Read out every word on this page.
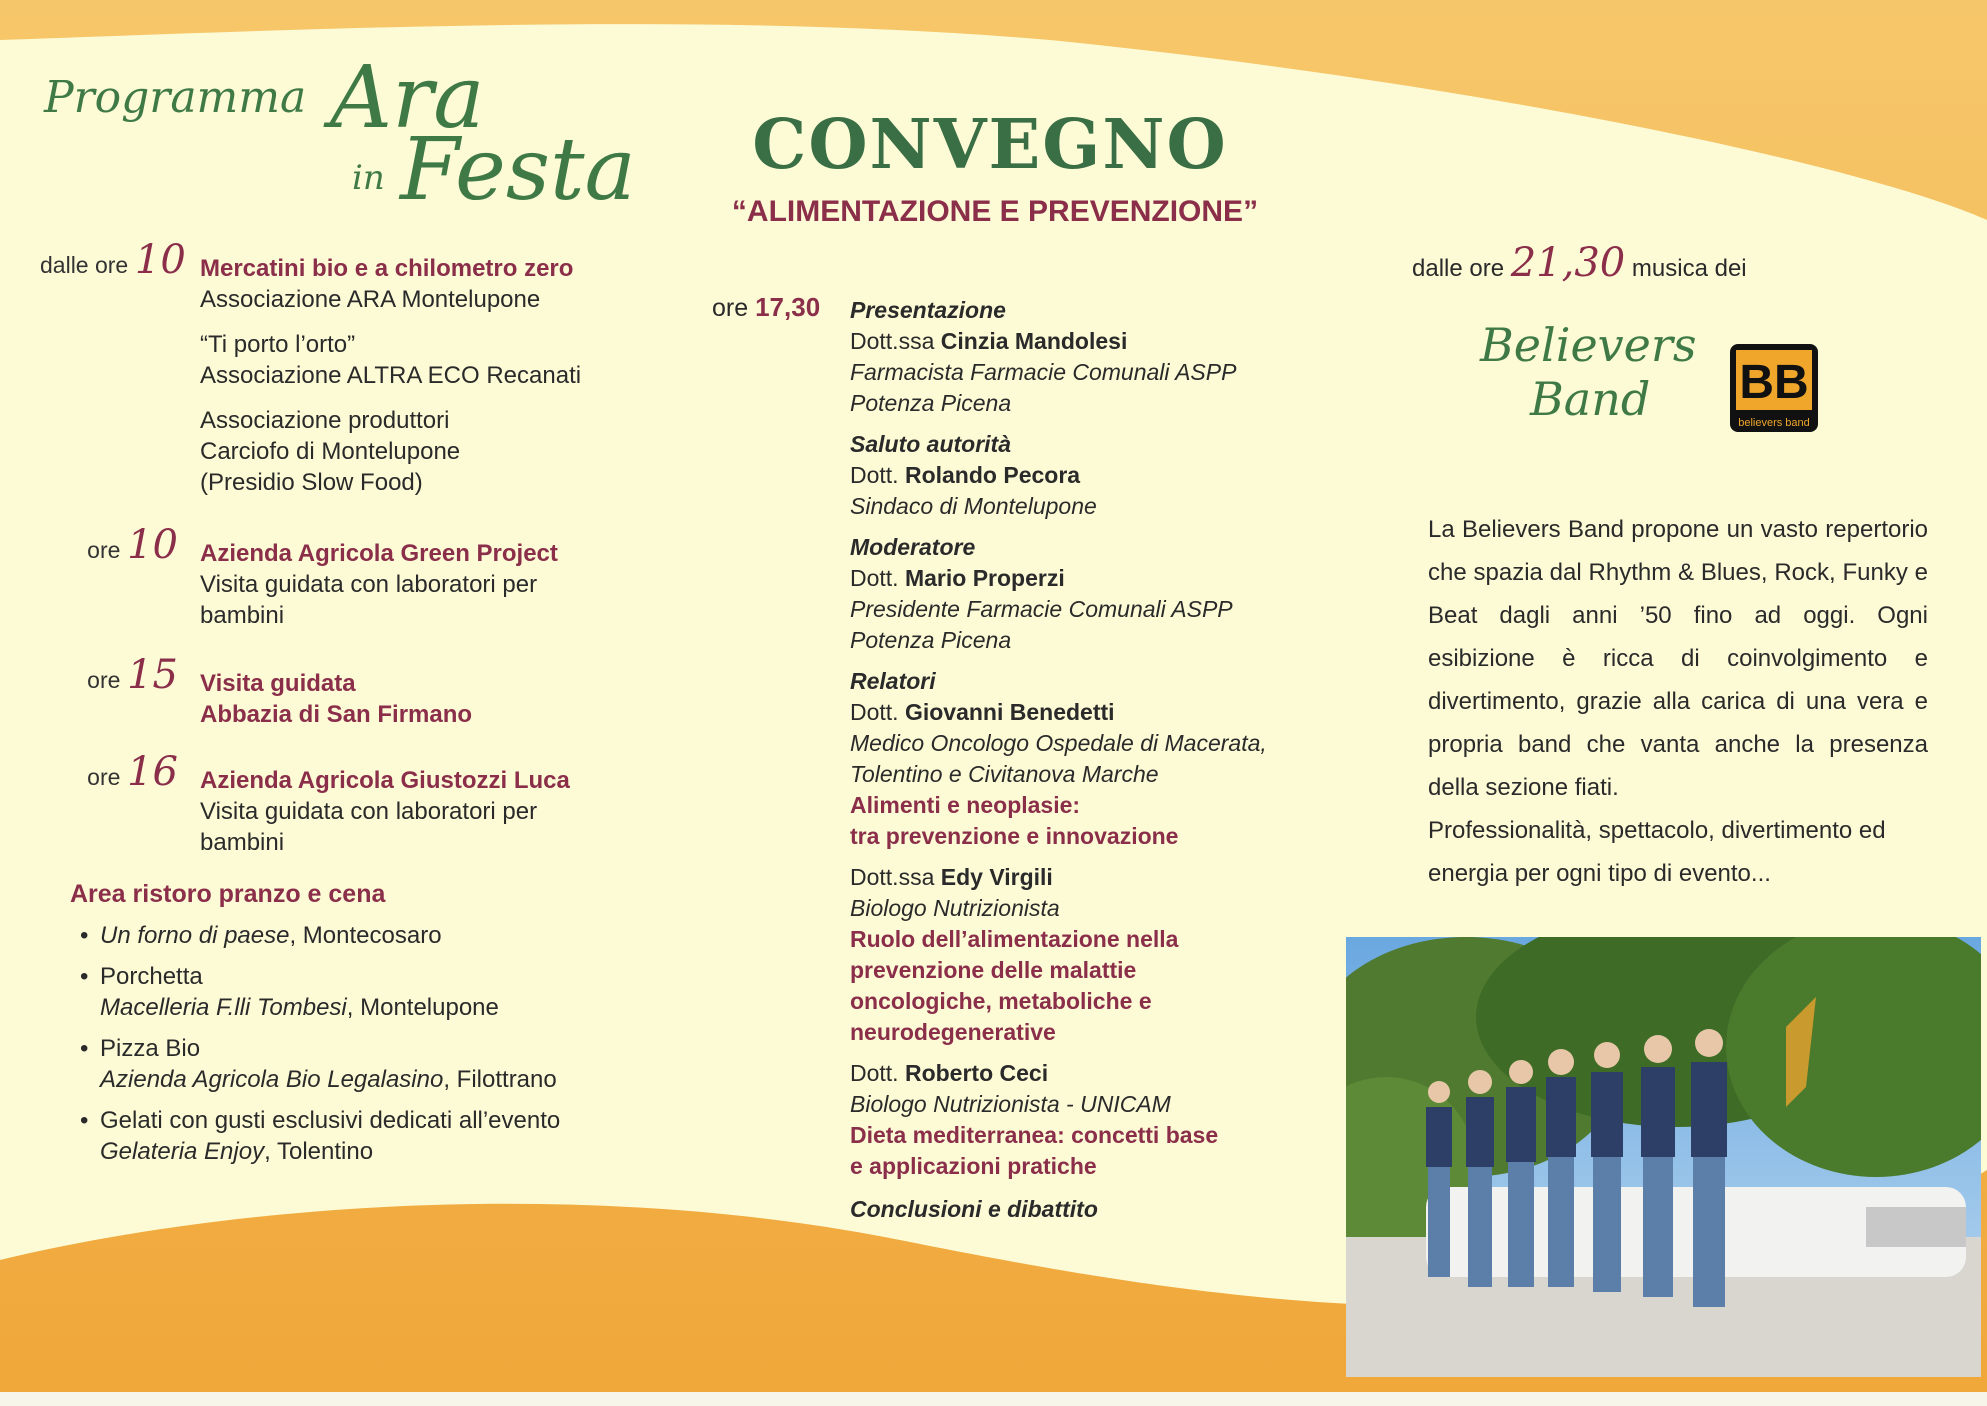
Programma Ara
in Festa
dalle ore 10 Mercatini bio e a chilometro zero
Associazione ARA Montelupone
“Ti porto l’orto”
Associazione ALTRA ECO Recanati
Associazione produttori
Carciofo di Montelupone
(Presidio Slow Food)
ore 10 Azienda Agricola Green Project
Visita guidata con laboratori per
bambini
ore 15 Visita guidata
Abbazia di San Firmano
ore 16 Azienda Agricola Giustozzi Luca
Visita guidata con laboratori per
bambini
Area ristoro pranzo e cena
• Un forno di paese, Montecosaro
• Porchetta
Macelleria F.lli Tombesi, Montelupone
• Pizza Bio
Azienda Agricola Bio Legalasino, Filottrano
• Gelati con gusti esclusivi dedicati all’evento
Gelateria Enjoy, Tolentino
CONVEGNO
“ALIMENTAZIONE E PREVENZIONE”
ore 17,30 Presentazione
Dott.ssa Cinzia Mandolesi
Farmacista Farmacie Comunali ASPP
Potenza Picena
Saluto autorità
Dott. Rolando Pecora
Sindaco di Montelupone
Moderatore
Dott. Mario Properzi
Presidente Farmacie Comunali ASPP
Potenza Picena
Relatori
Dott. Giovanni Benedetti
Medico Oncologo Ospedale di Macerata,
Tolentino e Civitanova Marche
Alimenti e neoplasie:
tra prevenzione e innovazione
Dott.ssa Edy Virgili
Biologo Nutrizionista
Ruolo dell’alimentazione nella
prevenzione delle malattie
oncologiche, metaboliche e
neurodegenerative
Dott. Roberto Ceci
Biologo Nutrizionista - UNICAM
Dieta mediterranea: concetti base
e applicazioni pratiche
Conclusioni e dibattito
dalle ore 21,30 musica dei
Believers
Band	BB
believers band

La Believers Band propone un vasto repertorio che spazia dal Rhythm & Blues, Rock, Funky e Beat dagli anni ’50 fino ad oggi. Ogni esibizione è ricca di coinvolgimento e divertimento, grazie alla carica di una vera e propria band che vanta anche la presenza della sezione fiati.

Professionalità, spettacolo, divertimento ed energia per ogni tipo di evento...
